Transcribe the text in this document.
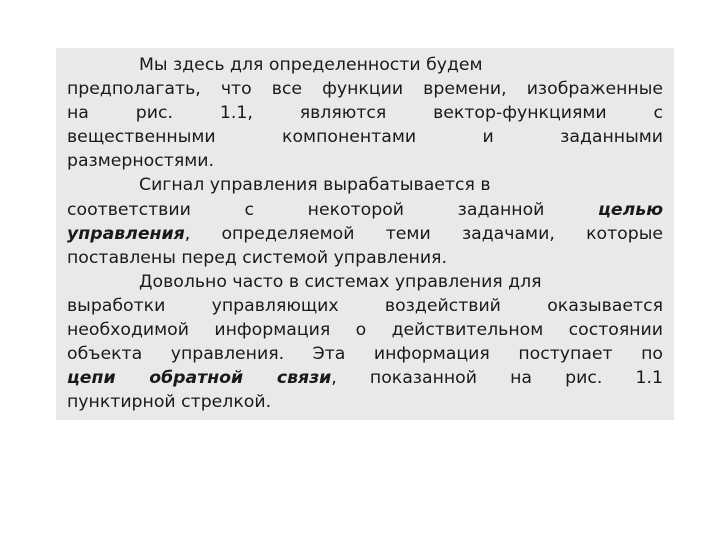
Мы здесь для определенности будем
предполагать, что все функции времени, изображенные
на рис. 1.1, являются вектор-функциями с
вещественными компонентами и заданными
размерностями.
Сигнал управления вырабатывается в
соответствии с некоторой заданной целью
управления, определяемой теми задачами, которые
поставлены перед системой управления.
Довольно часто в системах управления для
выработки управляющих воздействий оказывается
необходимой информация о действительном состоянии
объекта управления. Эта информация поступает по
цепи обратной связи, показанной на рис. 1.1
пунктирной стрелкой.
